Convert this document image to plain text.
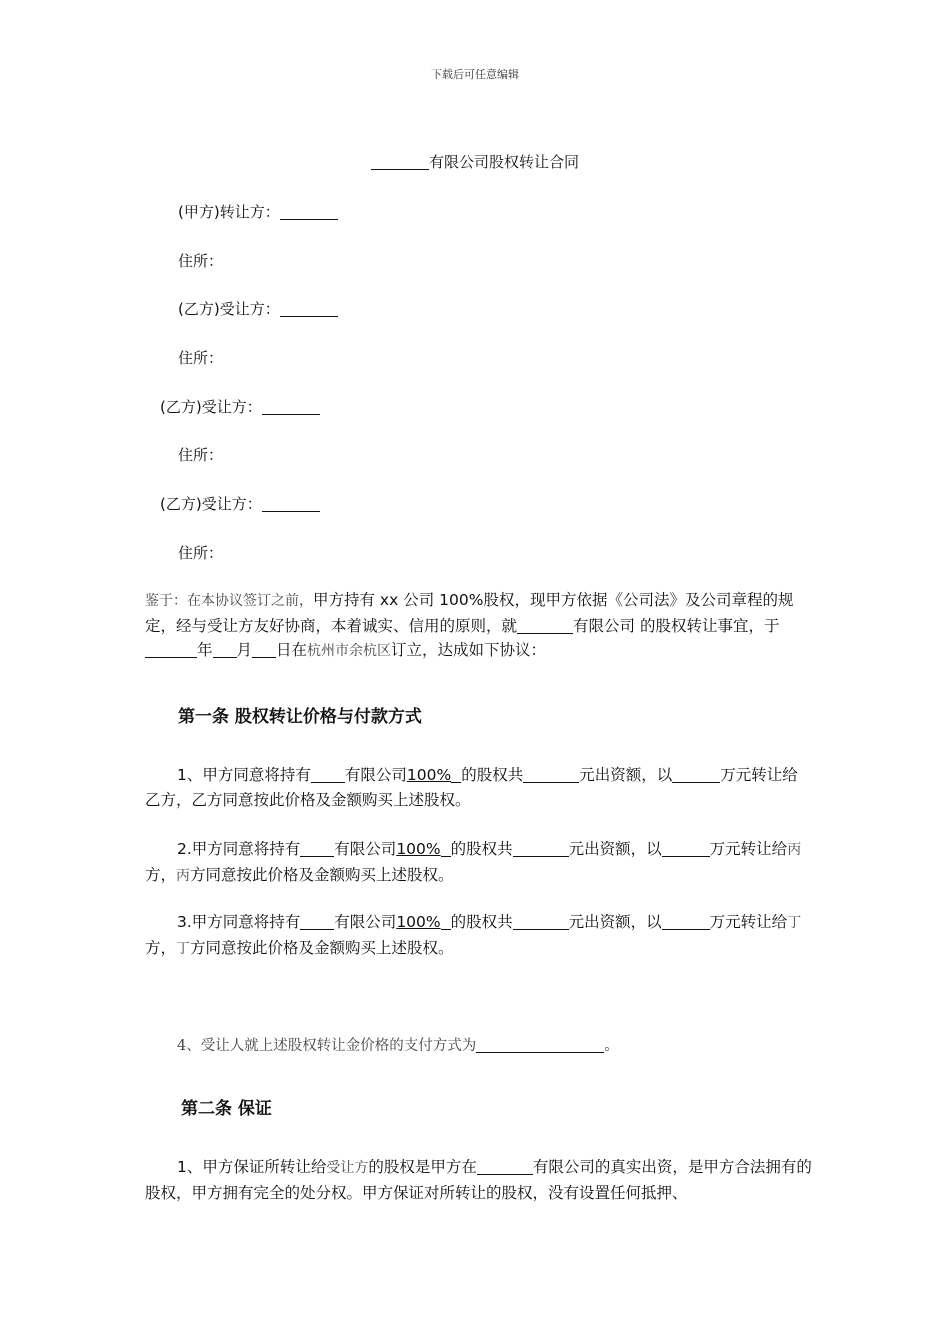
下载后可任意编辑
有限公司股权转让合同
(甲方)转让方：
住所：
(乙方)受让方：
住所：
(乙方)受让方：
住所：
(乙方)受让方：
住所：

鉴于：在本协议签订之前，甲方持有 xx 公司 100%股权，现甲方依据《公司法》及公司章程的规定，经与受让方友好协商，本着诚实、信用的原则，就	有限公司 的股权转让事宜，于年 月 日在杭州市余杭区订立，达成如下协议：

第一条 股权转让价格与付款方式

1、甲方同意将持有 有限公司100% 的股权共	元出资额，以	万元转让给乙方，乙方同意按此价格及金额购买上述股权。

2.甲方同意将持有 有限公司100% 的股权共	元出资额，以	万元转让给丙方，丙方同意按此价格及金额购买上述股权。

3.甲方同意将持有 有限公司100% 的股权共	元出资额，以	万元转让给丁方，丁方同意按此价格及金额购买上述股权。

4、受让人就上述股权转让金价格的支付方式为	。
第二条 保证

1、甲方保证所转让给受让方的股权是甲方在	有限公司的真实出资，是甲方合法拥有的股权，甲方拥有完全的处分权。甲方保证对所转让的股权，没有设置任何抵押、
